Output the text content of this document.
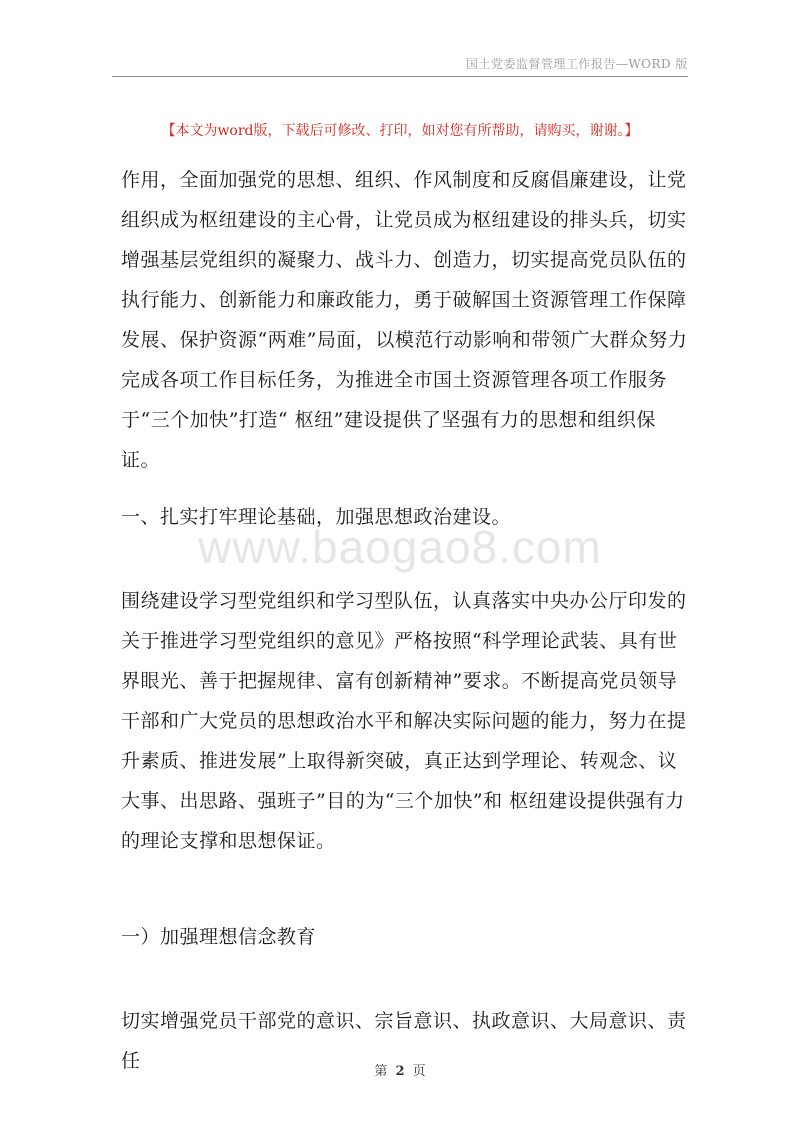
国土党委监督管理工作报告—WORD 版
【本文为word版，下载后可修改、打印，如对您有所帮助，请购买，谢谢。】

作用，全面加强党的思想、组织、作风制度和反腐倡廉建设，让党组织成为枢纽建设的主心骨，让党员成为枢纽建设的排头兵，切实增强基层党组织的凝聚力、战斗力、创造力，切实提高党员队伍的执行能力、创新能力和廉政能力，勇于破解国土资源管理工作保障发展、保护资源“两难”局面，以模范行动影响和带领广大群众努力完成各项工作目标任务，为推进全市国土资源管理各项工作服务于“三个加快”打造“ 枢纽”建设提供了坚强有力的思想和组织保证。

一、扎实打牢理论基础，加强思想政治建设。

www.baogao8.com

围绕建设学习型党组织和学习型队伍，认真落实中央办公厅印发的关于推进学习型党组织的意见》严格按照“科学理论武装、具有世界眼光、善于把握规律、富有创新精神”要求。不断提高党员领导干部和广大党员的思想政治水平和解决实际问题的能力，努力在提升素质、推进发展”上取得新突破，真正达到学理论、转观念、议大事、出思路、强班子”目的为“三个加快”和 枢纽建设提供强有力的理论支撑和思想保证。

一）加强理想信念教育

切实增强党员干部党的意识、宗旨意识、执政意识、大局意识、责任	第 2 页
